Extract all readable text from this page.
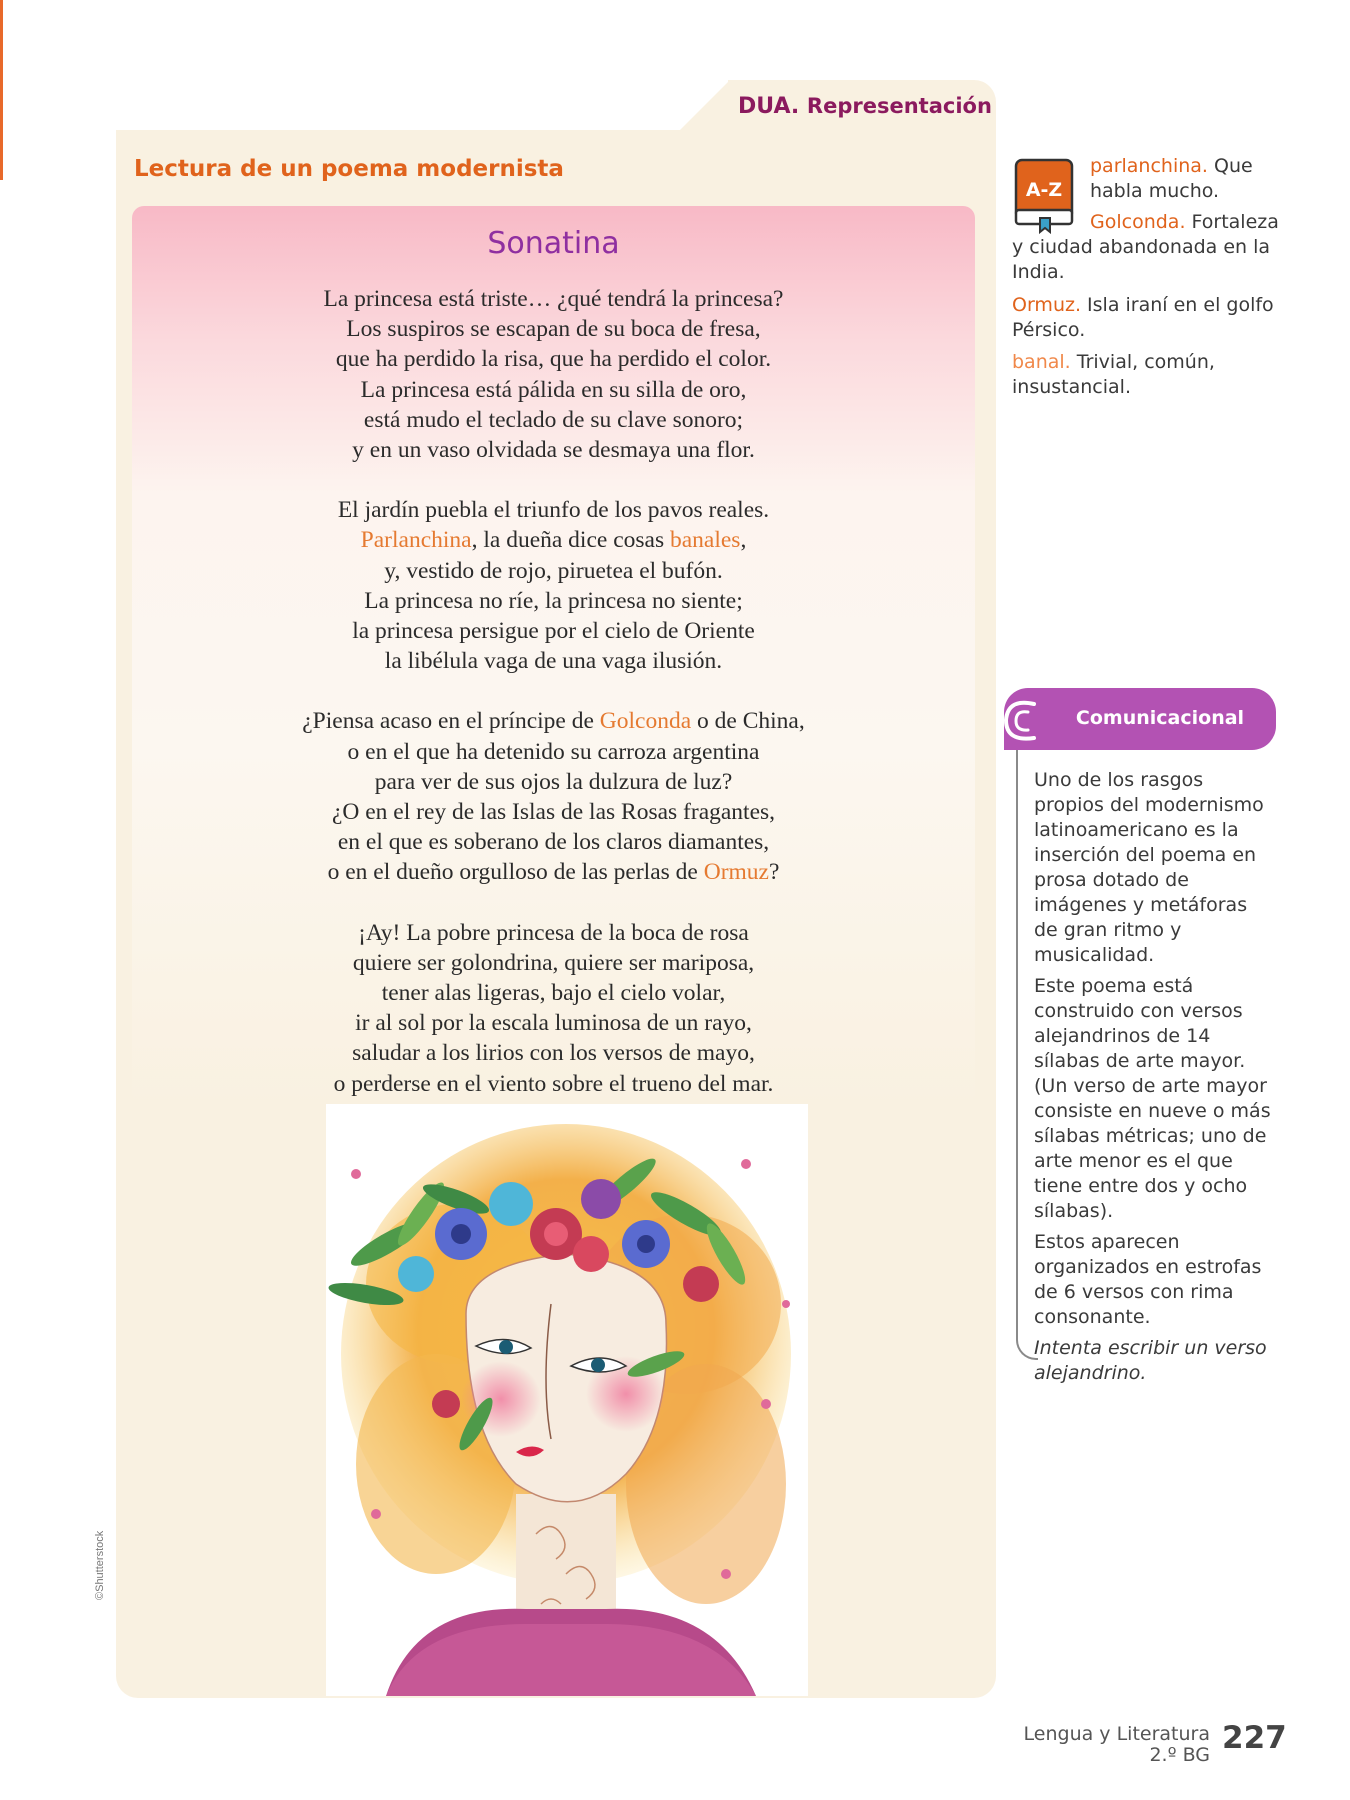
DUA. Representación
Lectura de un poema modernista
Sonatina
La princesa está triste… ¿qué tendrá la princesa?
Los suspiros se escapan de su boca de fresa,
que ha perdido la risa, que ha perdido el color.
La princesa está pálida en su silla de oro,
está mudo el teclado de su clave sonoro;
y en un vaso olvidada se desmaya una flor.
El jardín puebla el triunfo de los pavos reales.
Parlanchina, la dueña dice cosas banales,
y, vestido de rojo, piruetea el bufón.
La princesa no ríe, la princesa no siente;
la princesa persigue por el cielo de Oriente
la libélula vaga de una vaga ilusión.
¿Piensa acaso en el príncipe de Golconda o de China,
o en el que ha detenido su carroza argentina
para ver de sus ojos la dulzura de luz?
¿O en el rey de las Islas de las Rosas fragantes,
en el que es soberano de los claros diamantes,
o en el dueño orgulloso de las perlas de Ormuz?
¡Ay! La pobre princesa de la boca de rosa
quiere ser golondrina, quiere ser mariposa,
tener alas ligeras, bajo el cielo volar,
ir al sol por la escala luminosa de un rayo,
saludar a los lirios con los versos de mayo,
o perderse en el viento sobre el trueno del mar.
©Shutterstock
A-Z
parlanchina. Que habla mucho.
Golconda. Fortaleza y ciudad abandonada en la India.
Ormuz. Isla iraní en el golfo Pérsico.
banal. Trivial, común, insustancial.
Comunicacional

Uno de los rasgos propios del modernismo latinoamericano es la inserción del poema en prosa dotado de imágenes y metáforas de gran ritmo y musicalidad.

Este poema está construido con versos alejandrinos de 14 sílabas de arte mayor. (Un verso de arte mayor consiste en nueve o más sílabas métricas; uno de arte menor es el que tiene entre dos y ocho sílabas).

Estos aparecen organizados en estrofas de 6 versos con rima consonante.

Intenta escribir un verso alejandrino.

Lengua y Literatura
2.º BG 227
